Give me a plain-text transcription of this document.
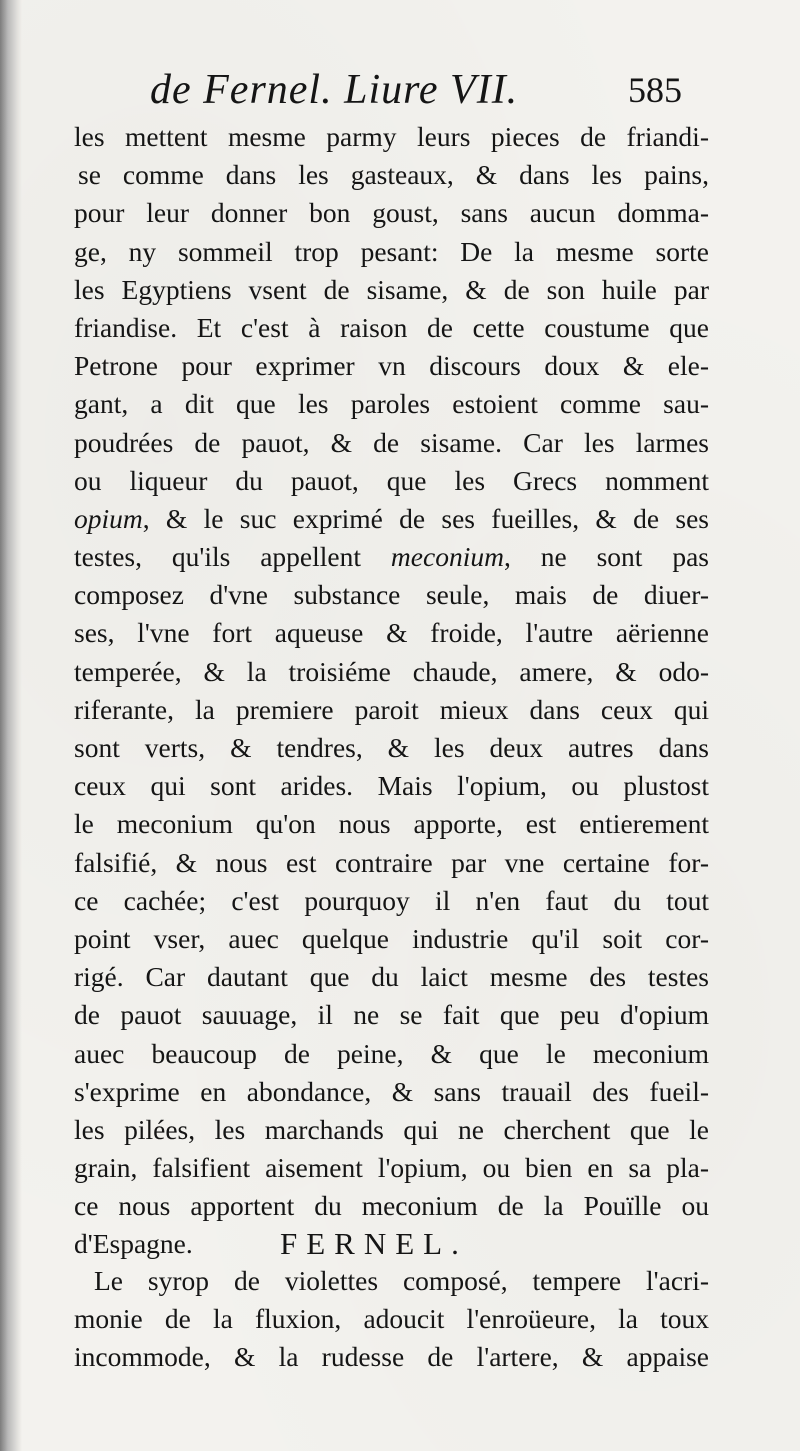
de Fernel. Liure VII.	585
les mettent mesme parmy leurs pieces de friandi-
se comme dans les gasteaux, & dans les pains,
pour leur donner bon goust, sans aucun domma-
ge, ny sommeil trop pesant: De la mesme sorte
les Egyptiens vsent de sisame, & de son huile par
friandise. Et c'est à raison de cette coustume que
Petrone pour exprimer vn discours doux & ele-
gant, a dit que les paroles estoient comme sau-
poudrées de pauot, & de sisame. Car les larmes
ou liqueur du pauot, que les Grecs nomment
opium, & le suc exprimé de ses fueilles, & de ses
testes, qu'ils appellent meconium, ne sont pas
composez d'vne substance seule, mais de diuer-
ses, l'vne fort aqueuse & froide, l'autre aërienne
temperée, & la troisiéme chaude, amere, & odo-
riferante, la premiere paroit mieux dans ceux qui
sont verts, & tendres, & les deux autres dans
ceux qui sont arides. Mais l'opium, ou plustost
le meconium qu'on nous apporte, est entierement
falsifié, & nous est contraire par vne certaine for-
ce cachée; c'est pourquoy il n'en faut du tout
point vser, auec quelque industrie qu'il soit cor-
rigé. Car dautant que du laict mesme des testes
de pauot sauuage, il ne se fait que peu d'opium
auec beaucoup de peine, & que le meconium
s'exprime en abondance, & sans trauail des fueil-
les pilées, les marchands qui ne cherchent que le
grain, falsifient aisement l'opium, ou bien en sa pla-
ce nous apportent du meconium de la Pouïlle ou
d'Espagne.	FERNEL.
Le syrop de violettes composé, tempere l'acri-
monie de la fluxion, adoucit l'enroüeure, la toux
incommode, & la rudesse de l'artere, & appaise
